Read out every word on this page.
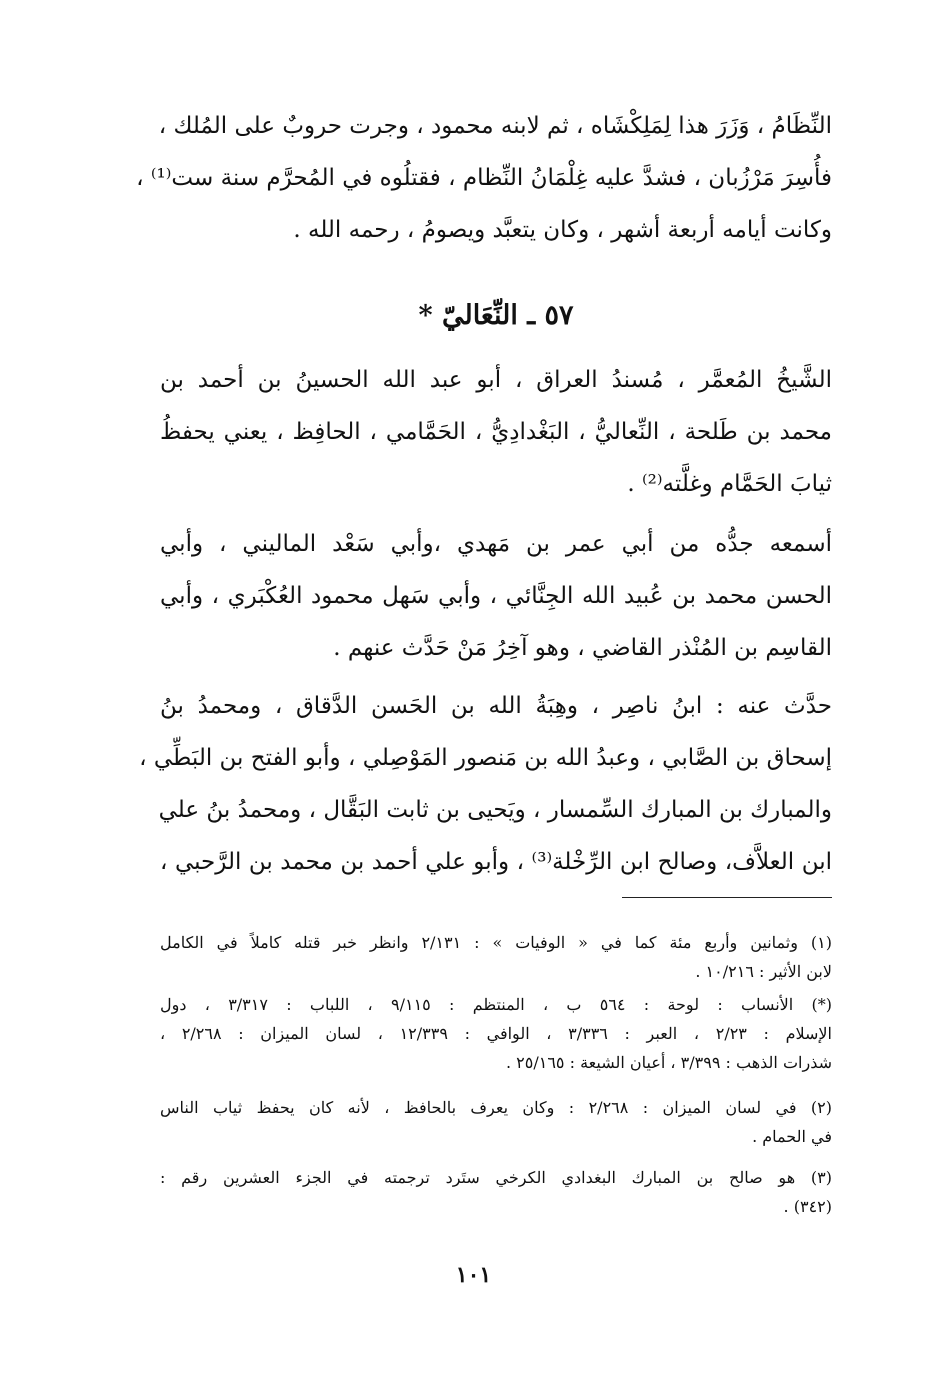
النِّظَامُ ، وَزَرَ هذا لِمَلِكْشَاه ، ثم لابنه محمود ، وجرت حروبٌ على المُلك ،
فأُسِرَ مَرْزُبان ، فشدَّ عليه غِلْمَانُ النِّظام ، فقتلُوه في المُحرَّم سنة ست⁽¹⁾ ،
وكانت أيامه أربعة أشهر ، وكان يتعبَّد ويصومُ ، رحمه الله .
٥٧ ـ النِّعَاليّ *
الشَّيخُ المُعمَّر ، مُسندُ العراق ، أبو عبد الله الحسينُ بن أحمد بن
محمد بن طَلحة ، النِّعاليُّ ، البَغْدادِيُّ ، الحَمَّامي ، الحافِظ ، يعني يحفظُ
ثيابَ الحَمَّام وغلَّته⁽²⁾ .
أسمعه جدُّه من أبي عمر بن مَهدي ،وأبي سَعْد الماليني ، وأبي
الحسن محمد بن عُبيد الله الجِنَّائي ، وأبي سَهل محمود العُكْبَري ، وأبي
القاسِم بن المُنْذر القاضي ، وهو آخِرُ مَنْ حَدَّث عنهم .
حدَّث عنه : ابنُ ناصِر ، وهِبَةُ الله بن الحَسن الدَّقاق ، ومحمدُ بنُ
إسحاق بن الصَّابي ، وعبدُ الله بن مَنصور المَوْصِلي ، وأبو الفتح بن البَطِّي ،
والمبارك بن المبارك السِّمسار ، ويَحيى بن ثابت البَقَّال ، ومحمدُ بنُ علي
ابن العلاَّف، وصالح ابن الرِّخْلة⁽³⁾ ، وأبو علي أحمد بن محمد بن الرَّحبي ،
(١) وثمانين وأربع مئة كما في « الوفيات » : ٢/١٣١ وانظر خبر قتله كاملاً في الكامل
لابن الأثير : ١٠/٢١٦ .
(*) الأنساب : لوحة : ٥٦٤ ب ، المنتظم : ٩/١١٥ ، اللباب : ٣/٣١٧ ، دول
الإسلام : ٢/٢٣ ، العبر : ٣/٣٣٦ ، الوافي : ١٢/٣٣٩ ، لسان الميزان : ٢/٢٦٨ ،
شذرات الذهب : ٣/٣٩٩ ، أعيان الشيعة : ٢٥/١٦٥ .
(٢) في لسان الميزان : ٢/٢٦٨ : وكان يعرف بالحافظ ، لأنه كان يحفظ ثياب الناس
في الحمام .
(٣) هو صالح بن المبارك البغدادي الكرخي ستَرد ترجمته في الجزء العشرين رقم :
(٣٤٢) .
١٠١
